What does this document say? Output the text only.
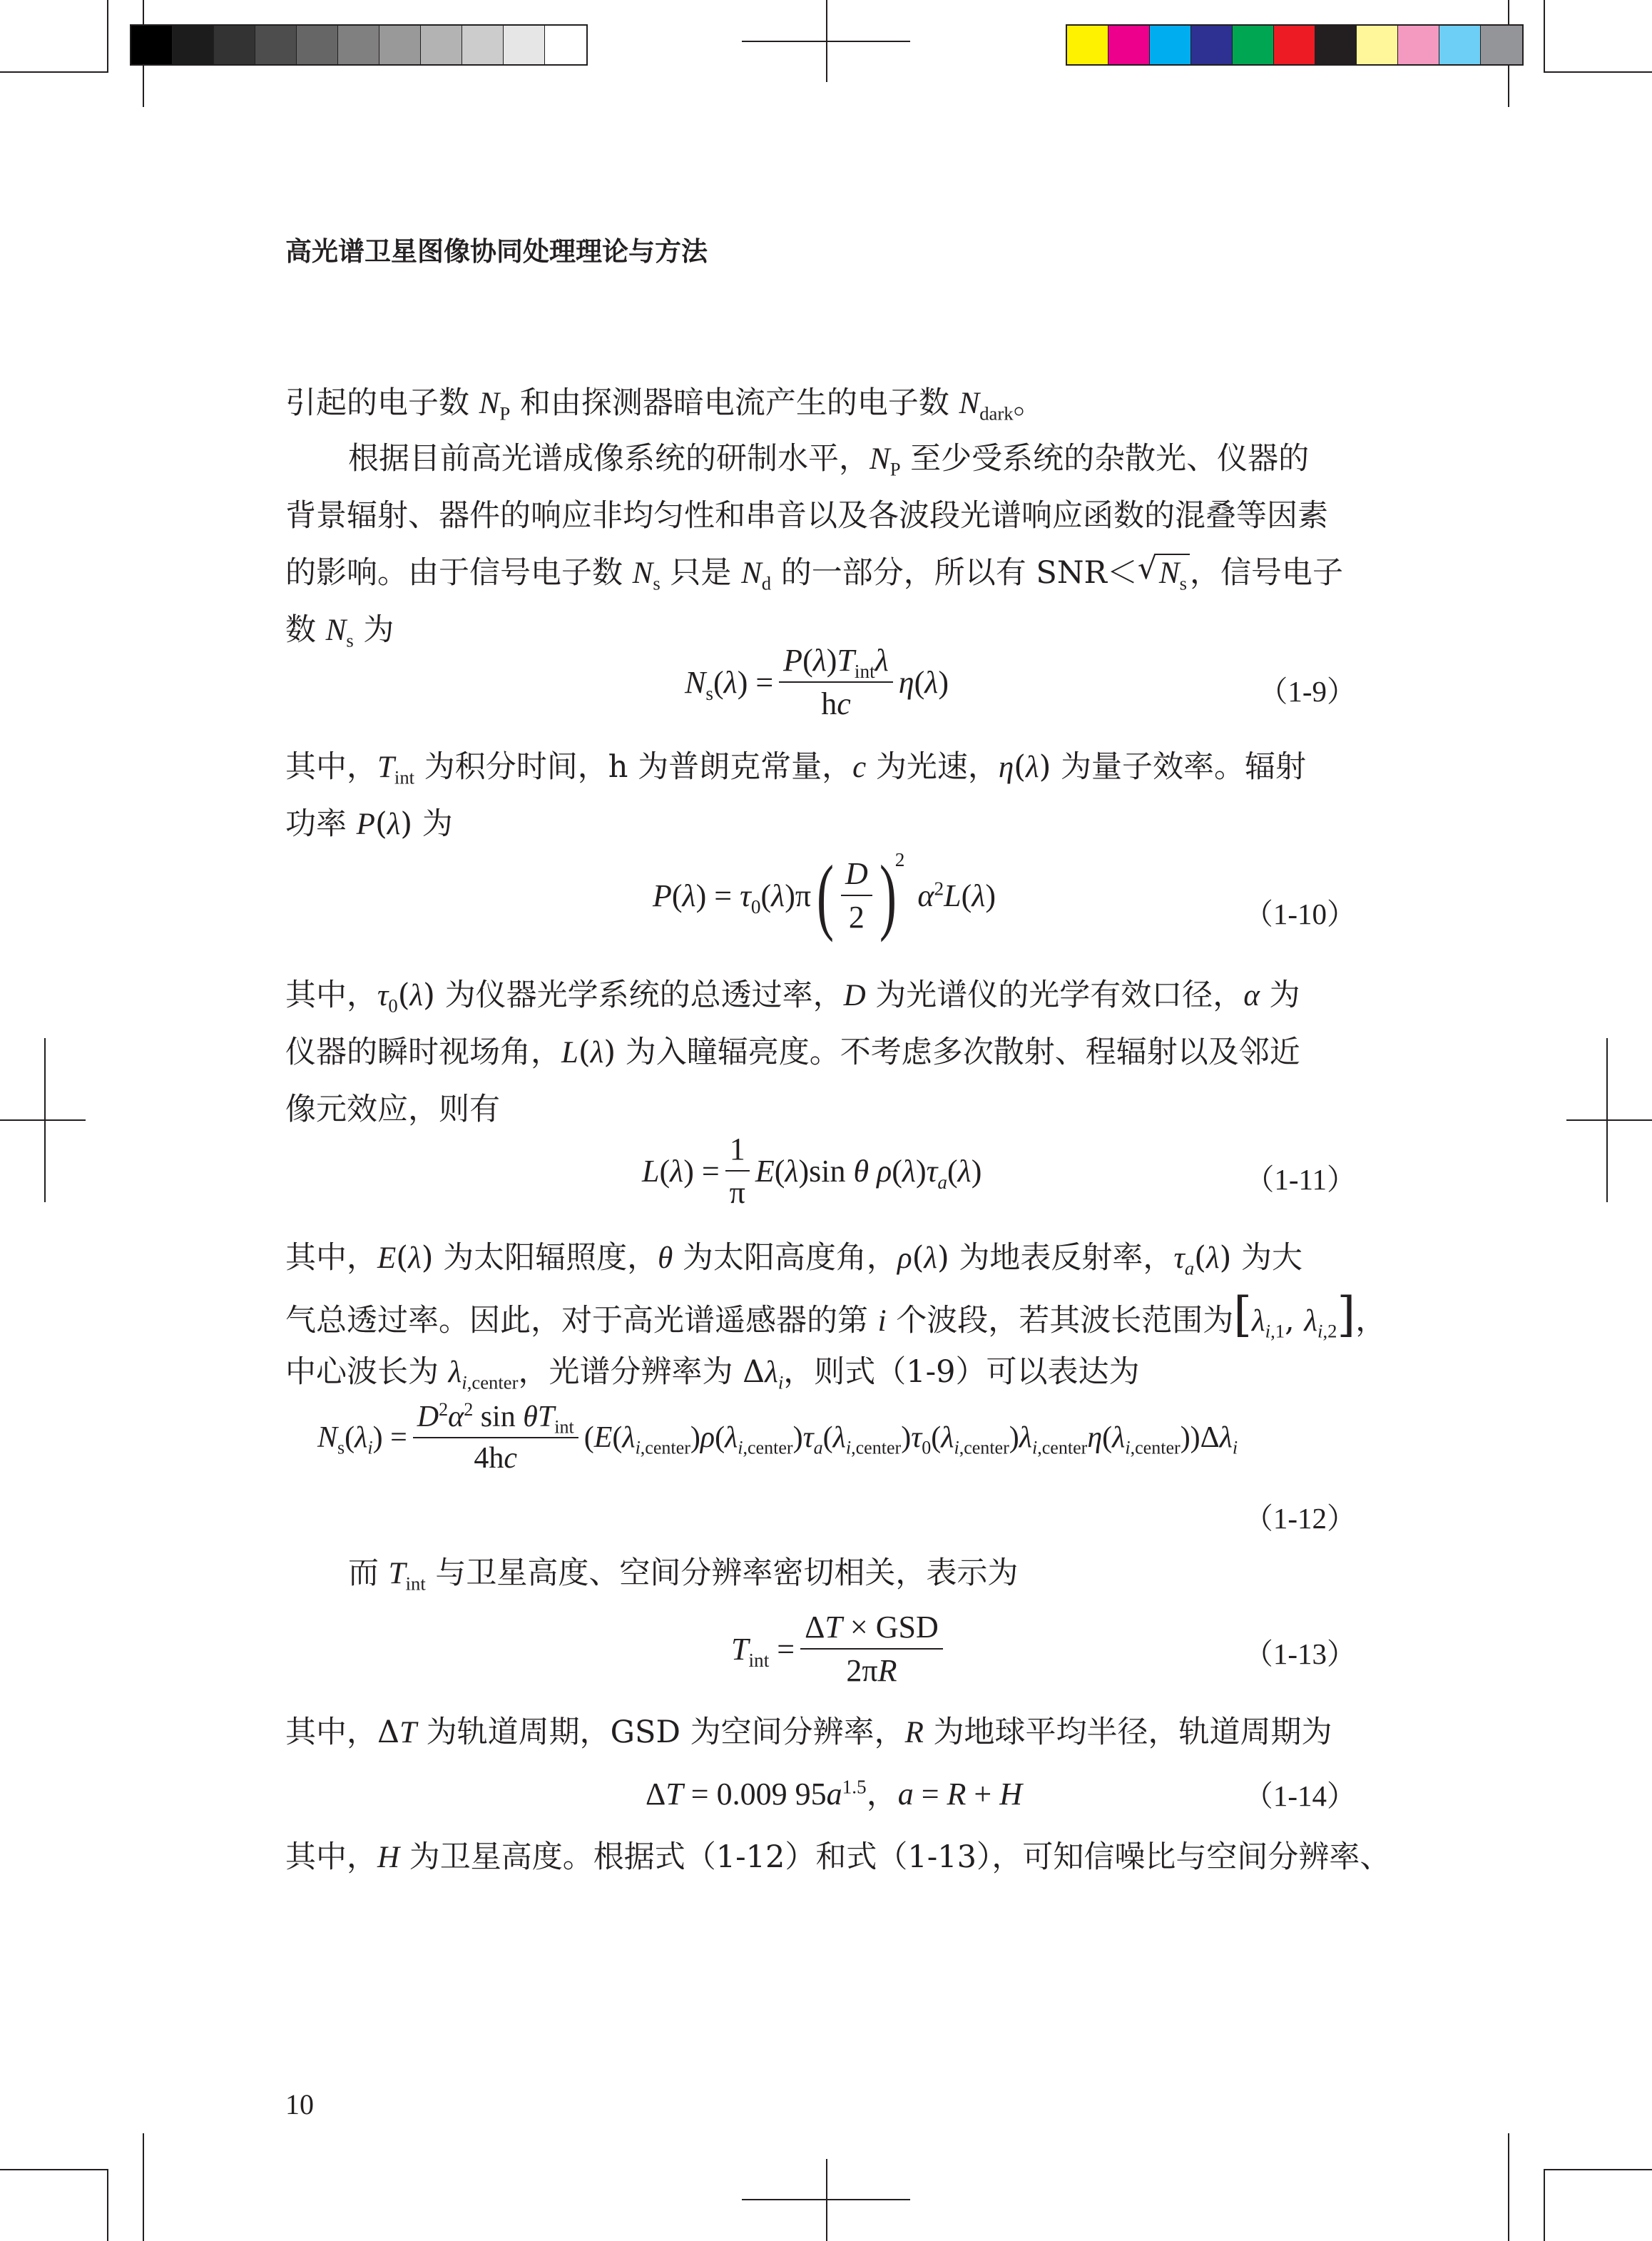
高光谱卫星图像协同处理理论与方法
引起的电子数 $N_P$ 和由探测器暗电流产生的电子数 $N_{dark}$。
根据目前高光谱成像系统的研制水平，$N_P$ 至少受系统的杂散光、仪器的
背景辐射、器件的响应非均匀性和串音以及各波段光谱响应函数的混叠等因素
的影响。由于信号电子数 $N_s$ 只是 $N_d$ 的一部分，所以有 SNR＜ √ $N_s$，信号电子
数 $N_s$ 为
$N_s(\lambda) = \frac{P(\lambda)T_{int}\lambda}{hc} \eta(\lambda)$	（1-9）
其中，$T_{int}$ 为积分时间，h 为普朗克常量，c 为光速，η(λ) 为量子效率。辐射
功率 P(λ) 为
$P(\lambda) = \tau_0(\lambda)\pi$ ( $\frac{D}{2}$ )
$^2$
$\alpha^2L(\lambda)$
（1-10）
其中，$\tau_0(\lambda)$ 为仪器光学系统的总透过率，D 为光谱仪的光学有效口径，α 为
仪器的瞬时视场角，L(λ) 为入瞳辐亮度。不考虑多次散射、程辐射以及邻近
像元效应，则有
$L(\lambda) = \frac{1}{\pi} E(\lambda)\sin$ θ $\rho(\lambda)\tau_a(\lambda)$	（1-11）
其中，E(λ) 为太阳辐照度，θ 为太阳高度角，ρ(λ) 为地表反射率，$\tau_a(\lambda)$ 为大
气总透过率。因此，对于高光谱遥感器的第 i 个波段，若其波长范围为[$\lambda_{i,1}$, $\lambda_{i,2}$]，
中心波长为 $\lambda_{i,center}$，光谱分辨率为 $\Delta\lambda_i$，则式（1-9）可以表达为
$N_s(\lambda_i) = \frac{D^2\alpha^2 \sin \theta T_{int}}{4hc} (E(\lambda_{i,center})\rho(\lambda_{i,center})\tau_a(\lambda_{i,center})\tau_0(\lambda_{i,center})\lambda_{i,center}\eta(\lambda_{i,center}))\Delta\lambda_i$
（1-12）
而 $T_{int}$ 与卫星高度、空间分辨率密切相关，表示为
$T_{int} = \frac{\text{ΔT × GSD}}{2\pi R}$	（1-13）
其中，ΔT 为轨道周期，GSD 为空间分辨率，R 为地球平均半径，轨道周期为
ΔT = 0.009 $95a^{1.5}$，a = R + H	（1-14）
其中，H 为卫星高度。根据式（1-12）和式（1-13），可知信噪比与空间分辨率、
10
